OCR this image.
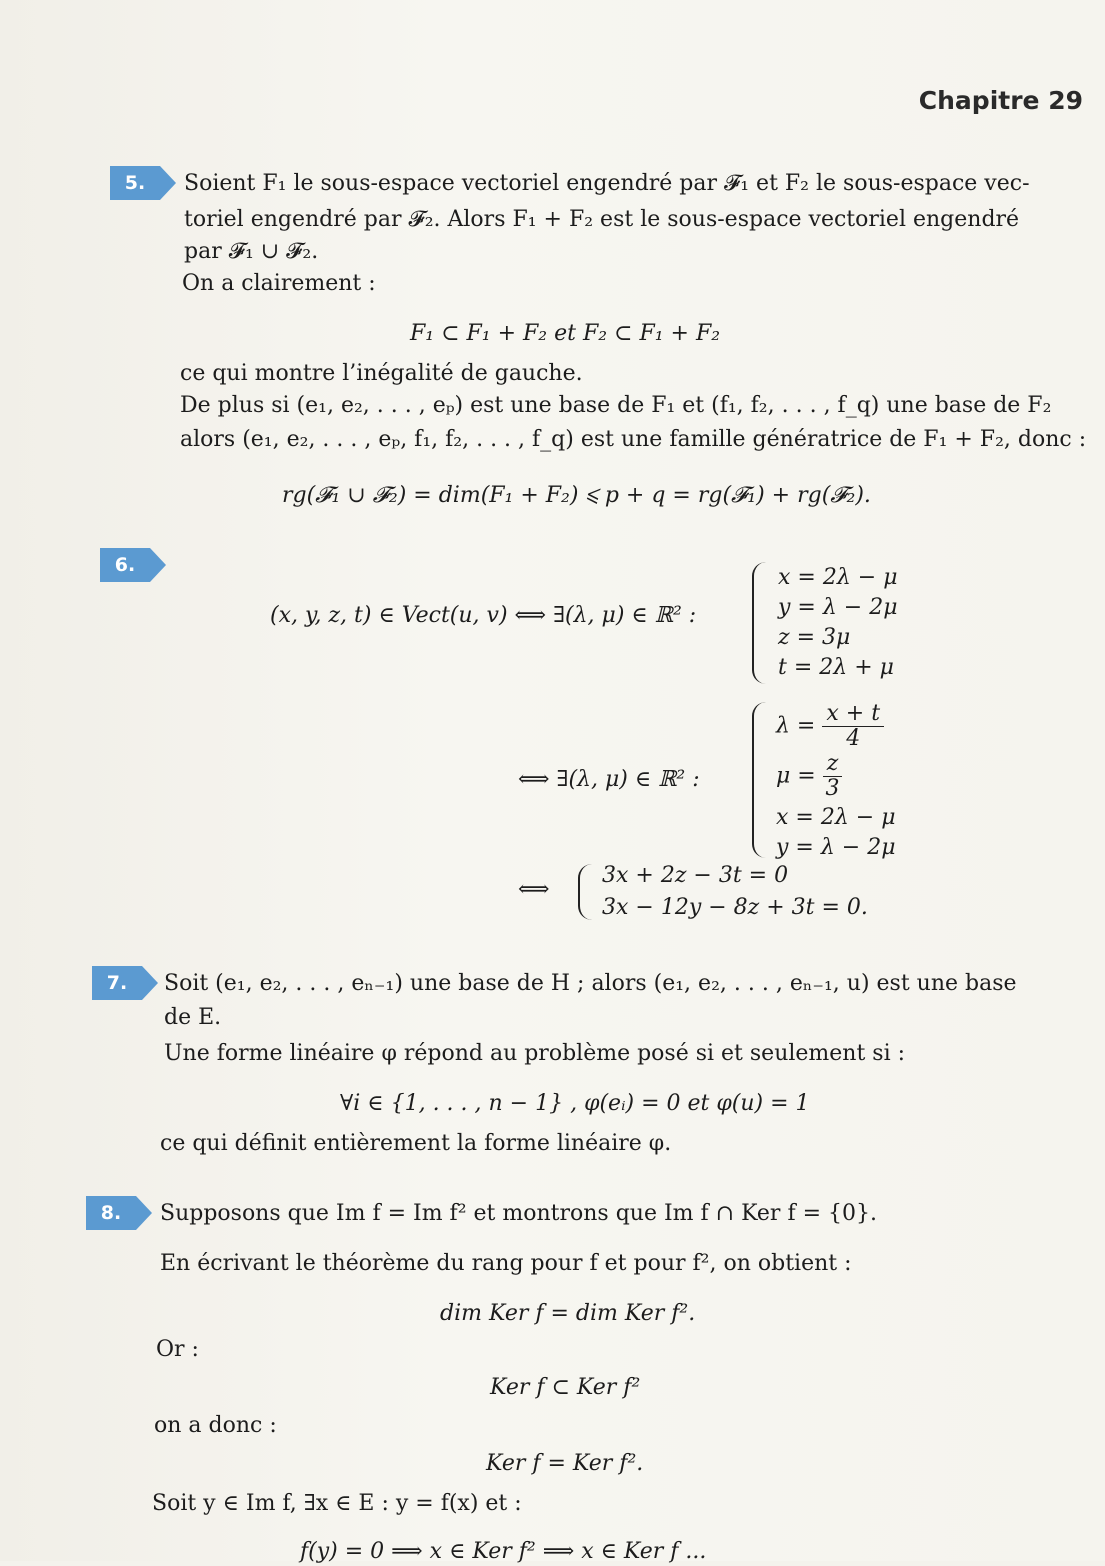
Chapitre 29
5.	Soient F₁ le sous-espace vectoriel engendré par 𝓕₁ et F₂ le sous-espace vec-
toriel engendré par 𝓕₂. Alors F₁ + F₂ est le sous-espace vectoriel engendré
par 𝓕₁ ∪ 𝓕₂.
On a clairement :
F₁ ⊂ F₁ + F₂ et F₂ ⊂ F₁ + F₂
ce qui montre l’inégalité de gauche.
De plus si (e₁, e₂, . . . , eₚ) est une base de F₁ et (f₁, f₂, . . . , f_q) une base de F₂
alors (e₁, e₂, . . . , eₚ, f₁, f₂, . . . , f_q) est une famille génératrice de F₁ + F₂, donc :
rg(𝓕₁ ∪ 𝓕₂) = dim(F₁ + F₂) ⩽ p + q = rg(𝓕₁) + rg(𝓕₂).
6.
(x, y, z, t) ∈ Vect(u, v) ⟺ ∃(λ, μ) ∈ ℝ² :
x = 2λ − μ
y = λ − 2μ
z = 3μ
t = 2λ + μ
⟺ ∃(λ, μ) ∈ ℝ² :
$\lambda = \frac{x + t}{4}$
$\mu = \frac{z}{3}$
x = 2λ − μ
y = λ − 2μ
⟺
3x + 2z − 3t = 0
3x − 12y − 8z + 3t = 0.
7.	Soit (e₁, e₂, . . . , eₙ₋₁) une base de H ; alors (e₁, e₂, . . . , eₙ₋₁, u) est une base
de E.
Une forme linéaire φ répond au problème posé si et seulement si :
∀i ∈ {1, . . . , n − 1} , φ(eᵢ) = 0 et φ(u) = 1
ce qui définit entièrement la forme linéaire φ.
8.	Supposons que Im f = Im f² et montrons que Im f ∩ Ker f = {0}.
En écrivant le théorème du rang pour f et pour f², on obtient :
dim Ker f = dim Ker f².
Or :
Ker f ⊂ Ker f²
on a donc :
Ker f = Ker f².
Soit y ∈ Im f, ∃x ∈ E : y = f(x) et :
f(y) = 0 ⟹ x ∈ Ker f² ⟹ x ∈ Ker f ...
